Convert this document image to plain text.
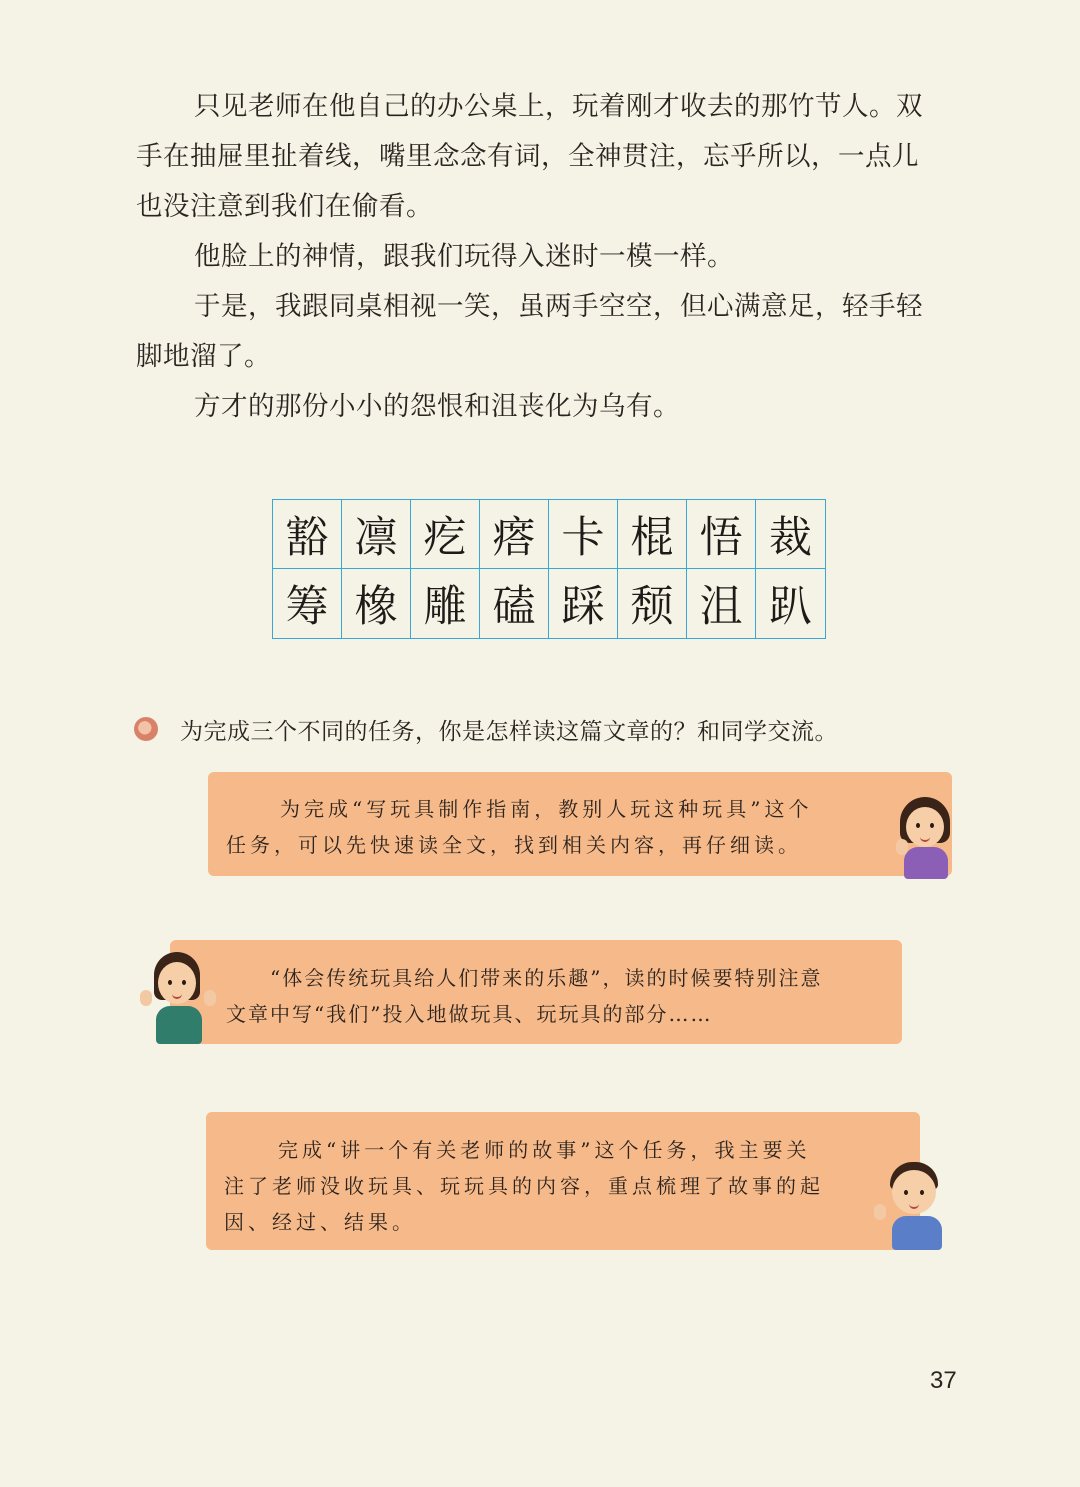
只见老师在他自己的办公桌上，玩着刚才收去的那竹节人。双

手在抽屉里扯着线，嘴里念念有词，全神贯注，忘乎所以，一点儿

也没注意到我们在偷看。

他脸上的神情，跟我们玩得入迷时一模一样。

于是，我跟同桌相视一笑，虽两手空空，但心满意足，轻手轻

脚地溜了。

方才的那份小小的怨恨和沮丧化为乌有。

豁 凛 疙 瘩 卡 棍 悟 裁
筹 橡 雕 磕 踩 颓 沮 趴
为完成三个不同的任务，你是怎样读这篇文章的？和同学交流。
为完成“写玩具制作指南，教别人玩这种玩具”这个
任务，可以先快速读全文，找到相关内容，再仔细读。
“体会传统玩具给人们带来的乐趣”，读的时候要特别注意
文章中写“我们”投入地做玩具、玩玩具的部分……
完成“讲一个有关老师的故事”这个任务，我主要关
注了老师没收玩具、玩玩具的内容，重点梳理了故事的起
因、经过、结果。
37
